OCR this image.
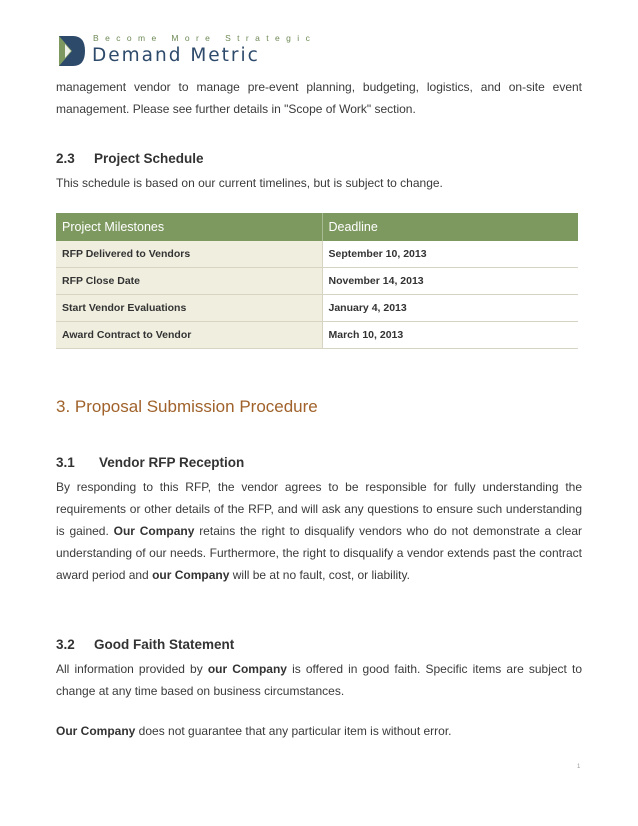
Become More Strategic
Demand Metric
management vendor to manage pre-event planning, budgeting, logistics, and on-site event
management. Please see further details in "Scope of Work" section.
2.3 Project Schedule
This schedule is based on our current timelines, but is subject to change.
Project Milestones	Deadline
RFP Delivered to Vendors	September 10, 2013
RFP Close Date	November 14, 2013
Start Vendor Evaluations	January 4, 2013
Award Contract to Vendor	March 10, 2013
3. Proposal Submission Procedure
3.1 Vendor RFP Reception
By responding to this RFP, the vendor agrees to be responsible for fully understanding the requirements or other details of the RFP, and will ask any questions to ensure such understanding is gained. Our Company retains the right to disqualify vendors who do not demonstrate a clear understanding of our needs. Furthermore, the right to disqualify a vendor extends past the contract award period and our Company will be at no fault, cost, or liability.
3.2 Good Faith Statement
All information provided by our Company is offered in good faith. Specific items are subject to change at any time based on business circumstances.
Our Company does not guarantee that any particular item is without error.
1
